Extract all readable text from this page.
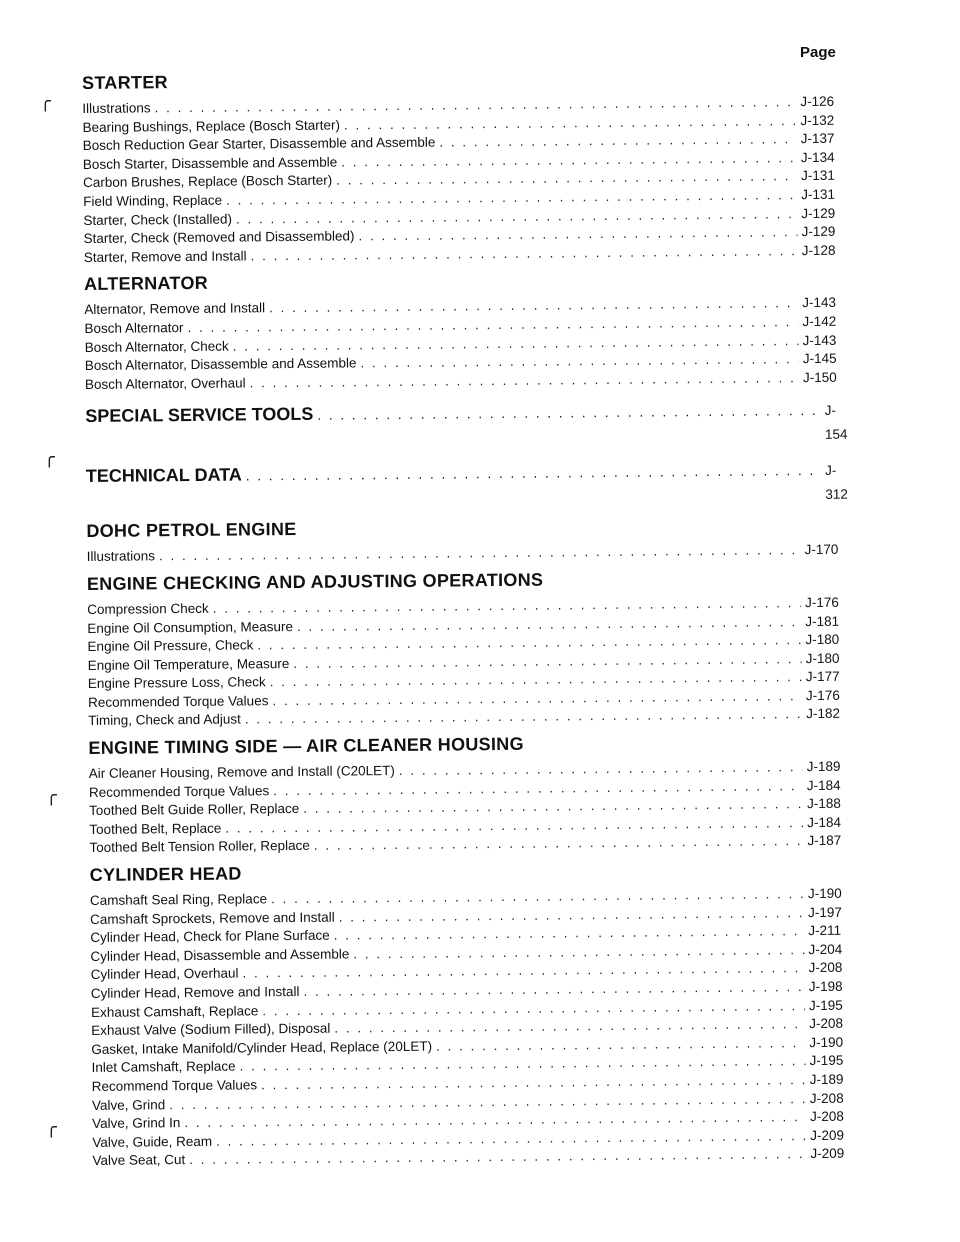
Page
╭
╭
╭
╭
STARTER
Illustrations . . .	J-126
Bearing Bushings, Replace (Bosch Starter) . . .	J-132
Bosch Reduction Gear Starter, Disassemble and Assemble . . .	J-137
Bosch Starter, Disassemble and Assemble . . .	J-134
Carbon Brushes, Replace (Bosch Starter) . . .	J-131
Field Winding, Replace . . .	J-131
Starter, Check (Installed) . . .	J-129
Starter, Check (Removed and Disassembled) . . .	J-129
Starter, Remove and Install . . .	J-128
ALTERNATOR
Alternator, Remove and Install . . .	J-143
Bosch Alternator . . .	J-142
Bosch Alternator, Check . . .	J-143
Bosch Alternator, Disassemble and Assemble . . .	J-145
Bosch Alternator, Overhaul . . .	J-150
SPECIAL SERVICE TOOLS . . .	J-154
TECHNICAL DATA . . .	J-312
DOHC PETROL ENGINE
Illustrations . . .	J-170
ENGINE CHECKING AND ADJUSTING OPERATIONS
Compression Check . . .	J-176
Engine Oil Consumption, Measure . . .	J-181
Engine Oil Pressure, Check . . .	J-180
Engine Oil Temperature, Measure . . .	J-180
Engine Pressure Loss, Check . . .	J-177
Recommended Torque Values . . .	J-176
Timing, Check and Adjust . . .	J-182
ENGINE TIMING SIDE — AIR CLEANER HOUSING
Air Cleaner Housing, Remove and Install (C20LET) . . .	J-189
Recommended Torque Values . . .	J-184
Toothed Belt Guide Roller, Replace . . .	J-188
Toothed Belt, Replace . . .	J-184
Toothed Belt Tension Roller, Replace . . .	J-187
CYLINDER HEAD
Camshaft Seal Ring, Replace . . .	J-190
Camshaft Sprockets, Remove and Install . . .	J-197
Cylinder Head, Check for Plane Surface . . .	J-211
Cylinder Head, Disassemble and Assemble . . .	J-204
Cylinder Head, Overhaul . . .	J-208
Cylinder Head, Remove and Install . . .	J-198
Exhaust Camshaft, Replace . . .	J-195
Exhaust Valve (Sodium Filled), Disposal . . .	J-208
Gasket, Intake Manifold/Cylinder Head, Replace (20LET) . . .	J-190
Inlet Camshaft, Replace . . .	J-195
Recommend Torque Values . . .	J-189
Valve, Grind . . .	J-208
Valve, Grind In . . .	J-208
Valve, Guide, Ream . . .	J-209
Valve Seat, Cut . . .	J-209
